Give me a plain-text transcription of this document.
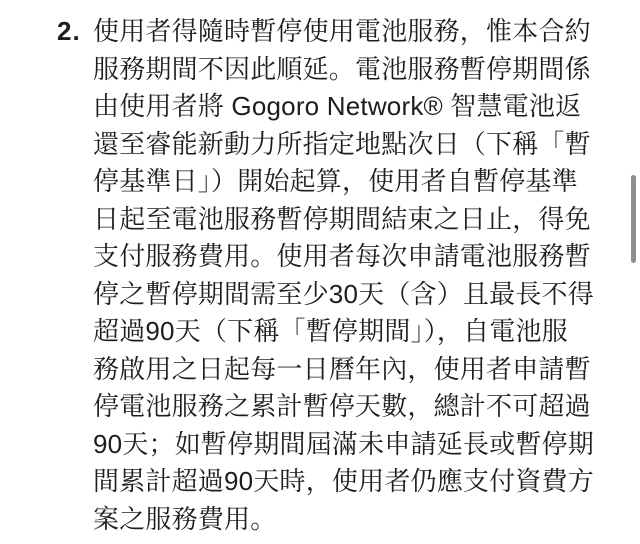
2. 使用者得隨時暫停使用電池服務，惟本合約
服務期間不因此順延。電池服務暫停期間係
由使用者將 Gogoro Network® 智慧電池返
還至睿能新動力所指定地點次日（下稱「暫
停基準日」）開始起算，使用者自暫停基準
日起至電池服務暫停期間結束之日止，得免
支付服務費用。使用者每次申請電池服務暫
停之暫停期間需至少30天（含）且最長不得
超過90天（下稱「暫停期間」），自電池服
務啟用之日起每一日曆年內，使用者申請暫
停電池服務之累計暫停天數，總計不可超過
90天；如暫停期間屆滿未申請延長或暫停期
間累計超過90天時，使用者仍應支付資費方
案之服務費用。
